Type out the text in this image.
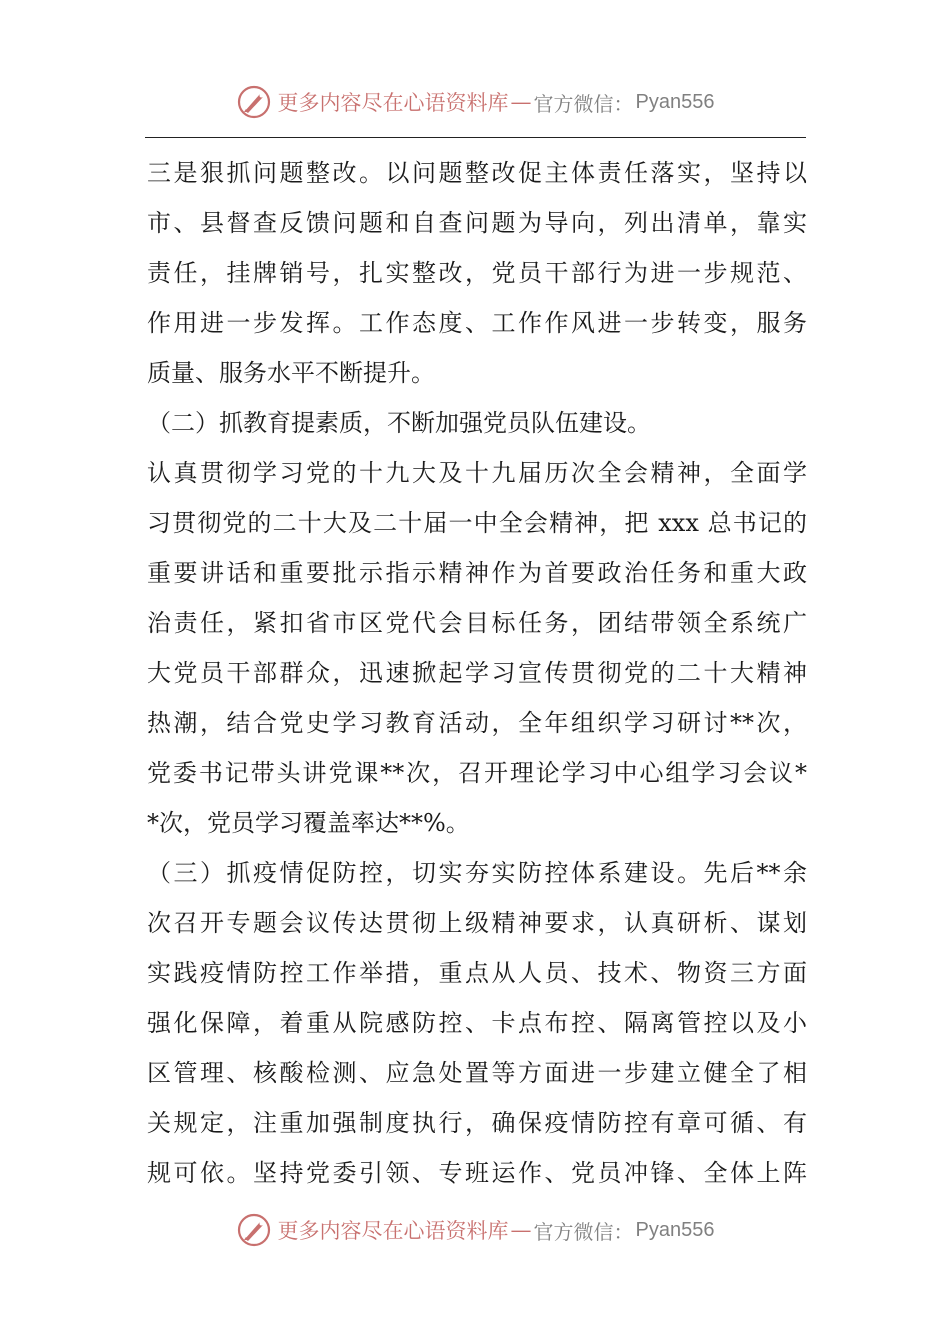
更多内容尽在心语资料库 — 官方微信： Pyan556
三是狠抓问题整改。以问题整改促主体责任落实，坚持以
市、县督查反馈问题和自查问题为导向，列出清单，靠实
责任，挂牌销号，扎实整改，党员干部行为进一步规范、
作用进一步发挥。工作态度、工作作风进一步转变，服务
质量、服务水平不断提升。
（二）抓教育提素质，不断加强党员队伍建设。
认真贯彻学习党的十九大及十九届历次全会精神，全面学
习贯彻党的二十大及二十届一中全会精神，把 xxx 总书记的
重要讲话和重要批示指示精神作为首要政治任务和重大政
治责任，紧扣省市区党代会目标任务，团结带领全系统广
大党员干部群众，迅速掀起学习宣传贯彻党的二十大精神
热潮，结合党史学习教育活动，全年组织学习研讨**次，
党委书记带头讲党课**次，召开理论学习中心组学习会议*
*次，党员学习覆盖率达**%。
（三）抓疫情促防控，切实夯实防控体系建设。先后**余
次召开专题会议传达贯彻上级精神要求，认真研析、谋划
实践疫情防控工作举措，重点从人员、技术、物资三方面
强化保障，着重从院感防控、卡点布控、隔离管控以及小
区管理、核酸检测、应急处置等方面进一步建立健全了相
关规定，注重加强制度执行，确保疫情防控有章可循、有
规可依。坚持党委引领、专班运作、党员冲锋、全体上阵
更多内容尽在心语资料库 — 官方微信： Pyan556
